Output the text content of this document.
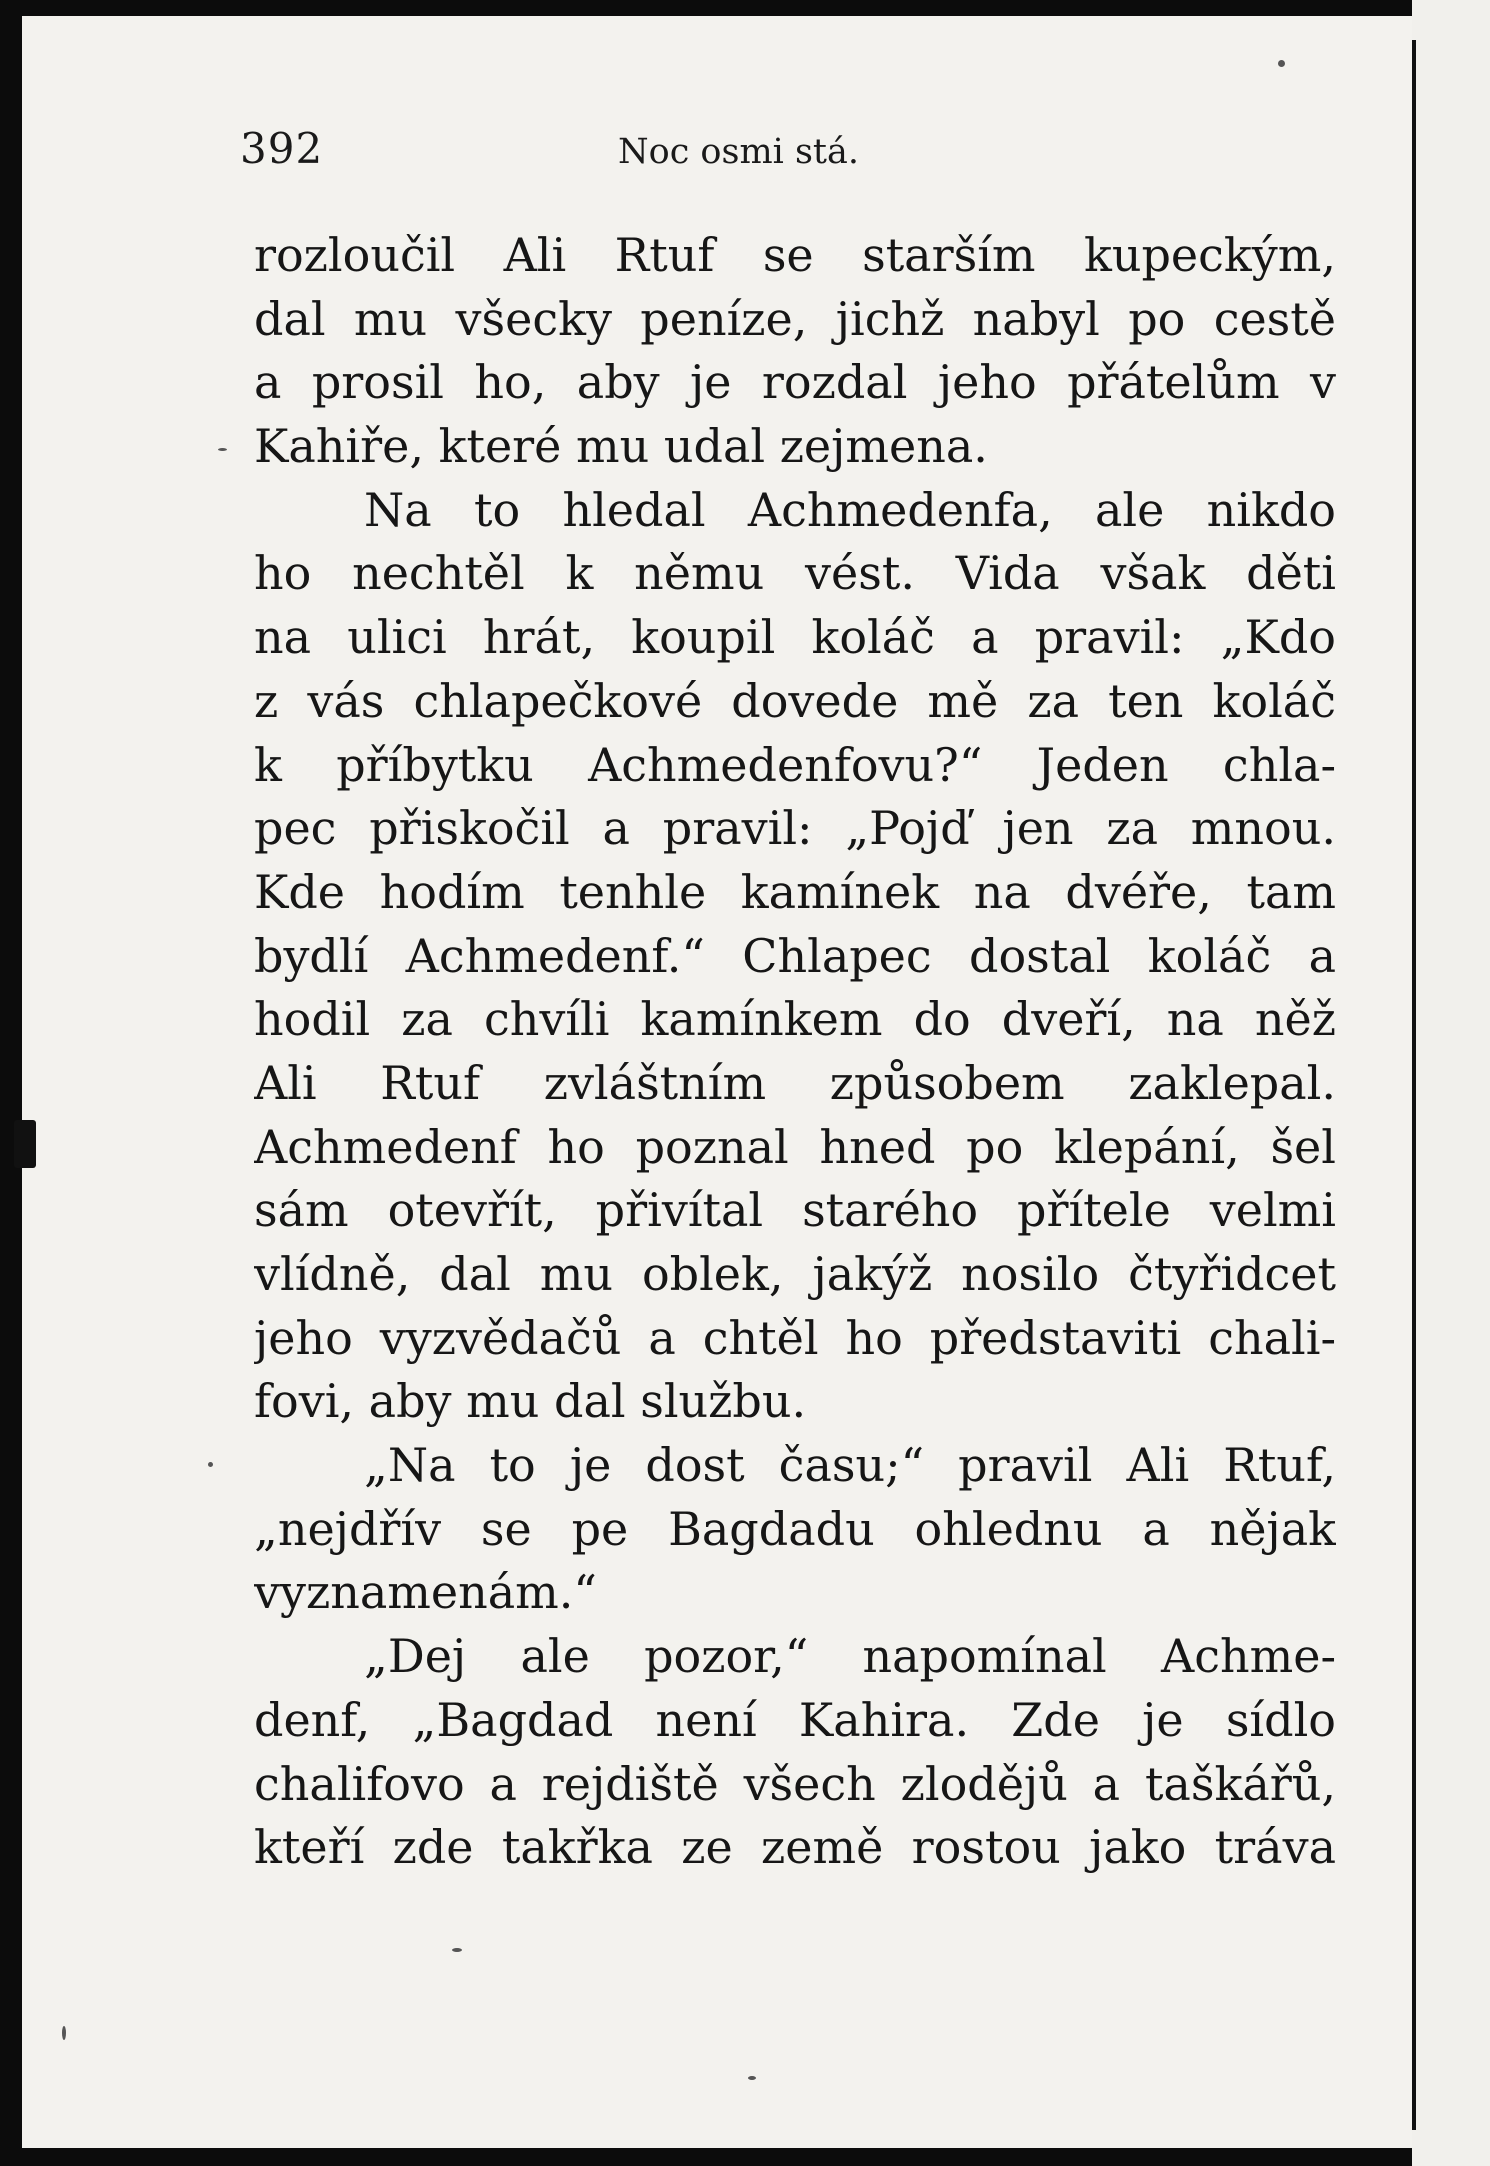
392	Noc osmi stá.
rozloučil Ali Rtuf se starším kupeckým,
dal mu všecky peníze, jichž nabyl po cestě
a prosil ho, aby je rozdal jeho přátelům v
Kahiře, které mu udal zejmena.
Na to hledal Achmedenfa, ale nikdo
ho nechtěl k němu vést. Vida však děti
na ulici hrát, koupil koláč a pravil: „Kdo
z vás chlapečkové dovede mě za ten koláč
k příbytku Achmedenfovu?“ Jeden chla-
pec přiskočil a pravil: „Pojď jen za mnou.
Kde hodím tenhle kamínek na dvéře, tam
bydlí Achmedenf.“ Chlapec dostal koláč a
hodil za chvíli kamínkem do dveří, na něž
Ali Rtuf zvláštním způsobem zaklepal.
Achmedenf ho poznal hned po klepání, šel
sám otevřít, přivítal starého přítele velmi
vlídně, dal mu oblek, jakýž nosilo čtyřidcet
jeho vyzvědačů a chtěl ho představiti chali-
fovi, aby mu dal službu.
„Na to je dost času;“ pravil Ali Rtuf,
„nejdřív se pe Bagdadu ohlednu a nějak
vyznamenám.“
„Dej ale pozor,“ napomínal Achme-
denf, „Bagdad není Kahira. Zde je sídlo
chalifovo a rejdiště všech zlodějů a taškářů,
kteří zde takřka ze země rostou jako tráva
